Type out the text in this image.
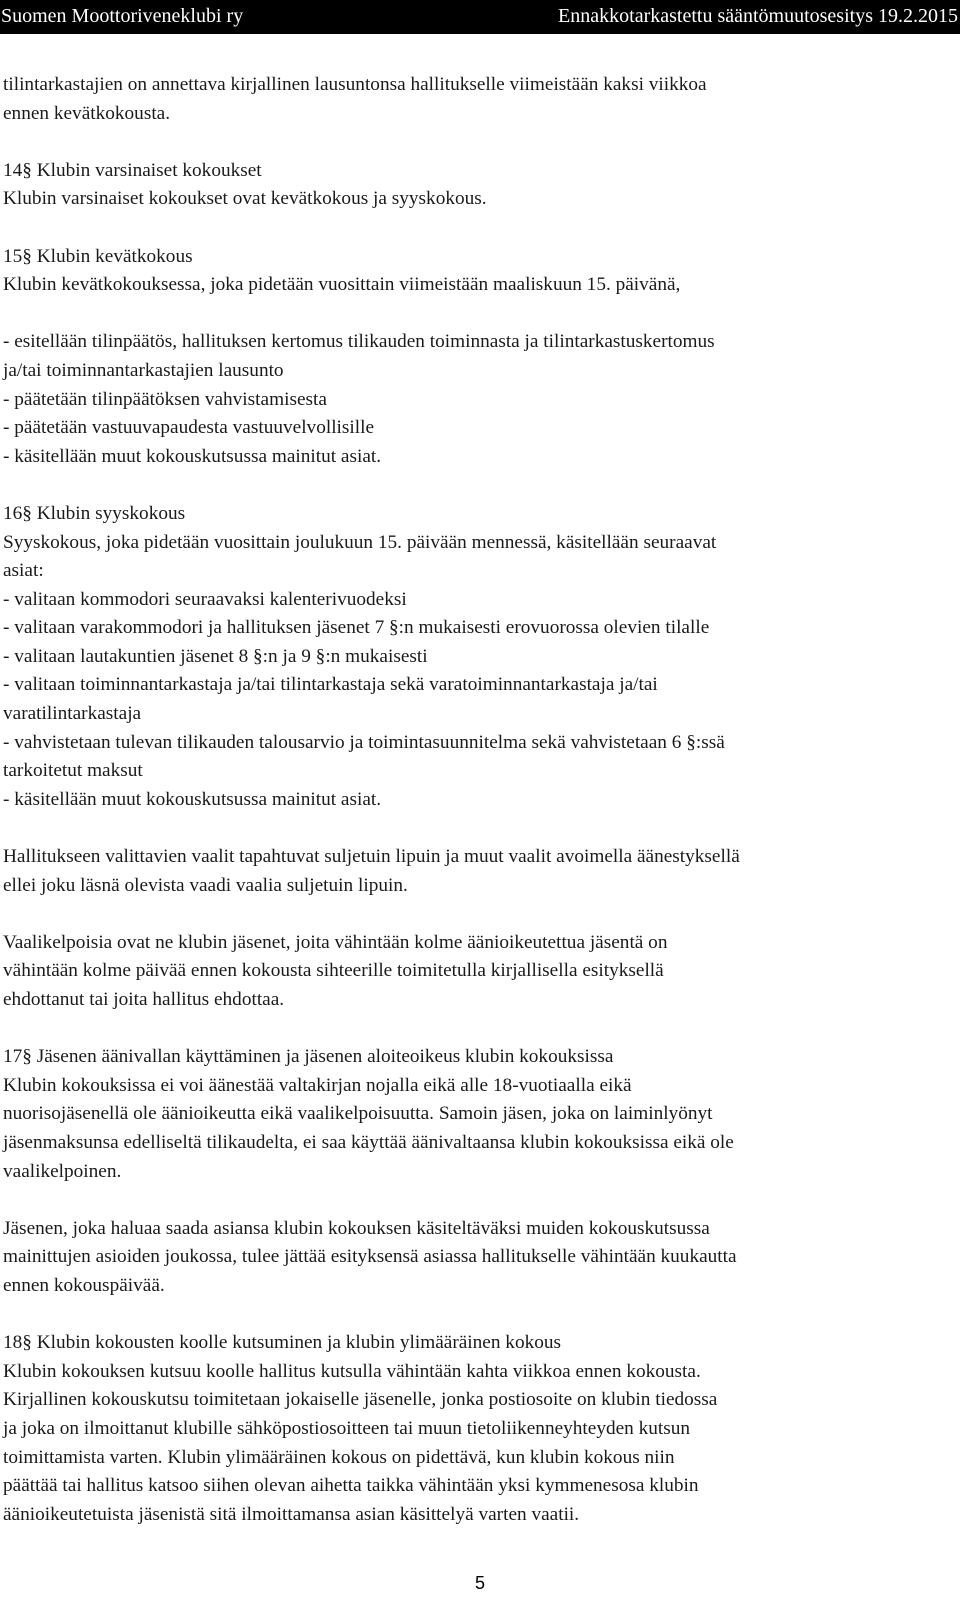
Suomen Moottoriveneklubi ry	Ennakkotarkastettu sääntömuutosesitys 19.2.2015

tilintarkastajien on annettava kirjallinen lausuntonsa hallitukselle viimeistään kaksi viikkoa

ennen kevätkokousta.

14§ Klubin varsinaiset kokoukset

Klubin varsinaiset kokoukset ovat kevätkokous ja syyskokous.

15§ Klubin kevätkokous

Klubin kevätkokouksessa, joka pidetään vuosittain viimeistään maaliskuun 15. päivänä,

- esitellään tilinpäätös, hallituksen kertomus tilikauden toiminnasta ja tilintarkastuskertomus

ja/tai toiminnantarkastajien lausunto

- päätetään tilinpäätöksen vahvistamisesta

- päätetään vastuuvapaudesta vastuuvelvollisille

- käsitellään muut kokouskutsussa mainitut asiat.

16§ Klubin syyskokous

Syyskokous, joka pidetään vuosittain joulukuun 15. päivään mennessä, käsitellään seuraavat

asiat:

- valitaan kommodori seuraavaksi kalenterivuodeksi

- valitaan varakommodori ja hallituksen jäsenet 7 §:n mukaisesti erovuorossa olevien tilalle

- valitaan lautakuntien jäsenet 8 §:n ja 9 §:n mukaisesti

- valitaan toiminnantarkastaja ja/tai tilintarkastaja sekä varatoiminnantarkastaja ja/tai

varatilintarkastaja

- vahvistetaan tulevan tilikauden talousarvio ja toimintasuunnitelma sekä vahvistetaan 6 §:ssä

tarkoitetut maksut

- käsitellään muut kokouskutsussa mainitut asiat.

Hallitukseen valittavien vaalit tapahtuvat suljetuin lipuin ja muut vaalit avoimella äänestyksellä

ellei joku läsnä olevista vaadi vaalia suljetuin lipuin.

Vaalikelpoisia ovat ne klubin jäsenet, joita vähintään kolme äänioikeutettua jäsentä on

vähintään kolme päivää ennen kokousta sihteerille toimitetulla kirjallisella esityksellä

ehdottanut tai joita hallitus ehdottaa.

17§ Jäsenen äänivallan käyttäminen ja jäsenen aloiteoikeus klubin kokouksissa

Klubin kokouksissa ei voi äänestää valtakirjan nojalla eikä alle 18-vuotiaalla eikä

nuorisojäsenellä ole äänioikeutta eikä vaalikelpoisuutta. Samoin jäsen, joka on laiminlyönyt

jäsenmaksunsa edelliseltä tilikaudelta, ei saa käyttää äänivaltaansa klubin kokouksissa eikä ole

vaalikelpoinen.

Jäsenen, joka haluaa saada asiansa klubin kokouksen käsiteltäväksi muiden kokouskutsussa

mainittujen asioiden joukossa, tulee jättää esityksensä asiassa hallitukselle vähintään kuukautta

ennen kokouspäivää.

18§ Klubin kokousten koolle kutsuminen ja klubin ylimääräinen kokous

Klubin kokouksen kutsuu koolle hallitus kutsulla vähintään kahta viikkoa ennen kokousta.

Kirjallinen kokouskutsu toimitetaan jokaiselle jäsenelle, jonka postiosoite on klubin tiedossa

ja joka on ilmoittanut klubille sähköpostiosoitteen tai muun tietoliikenneyhteyden kutsun

toimittamista varten. Klubin ylimääräinen kokous on pidettävä, kun klubin kokous niin

päättää tai hallitus katsoo siihen olevan aihetta taikka vähintään yksi kymmenesosa klubin

äänioikeutetuista jäsenistä sitä ilmoittamansa asian käsittelyä varten vaatii.

5
